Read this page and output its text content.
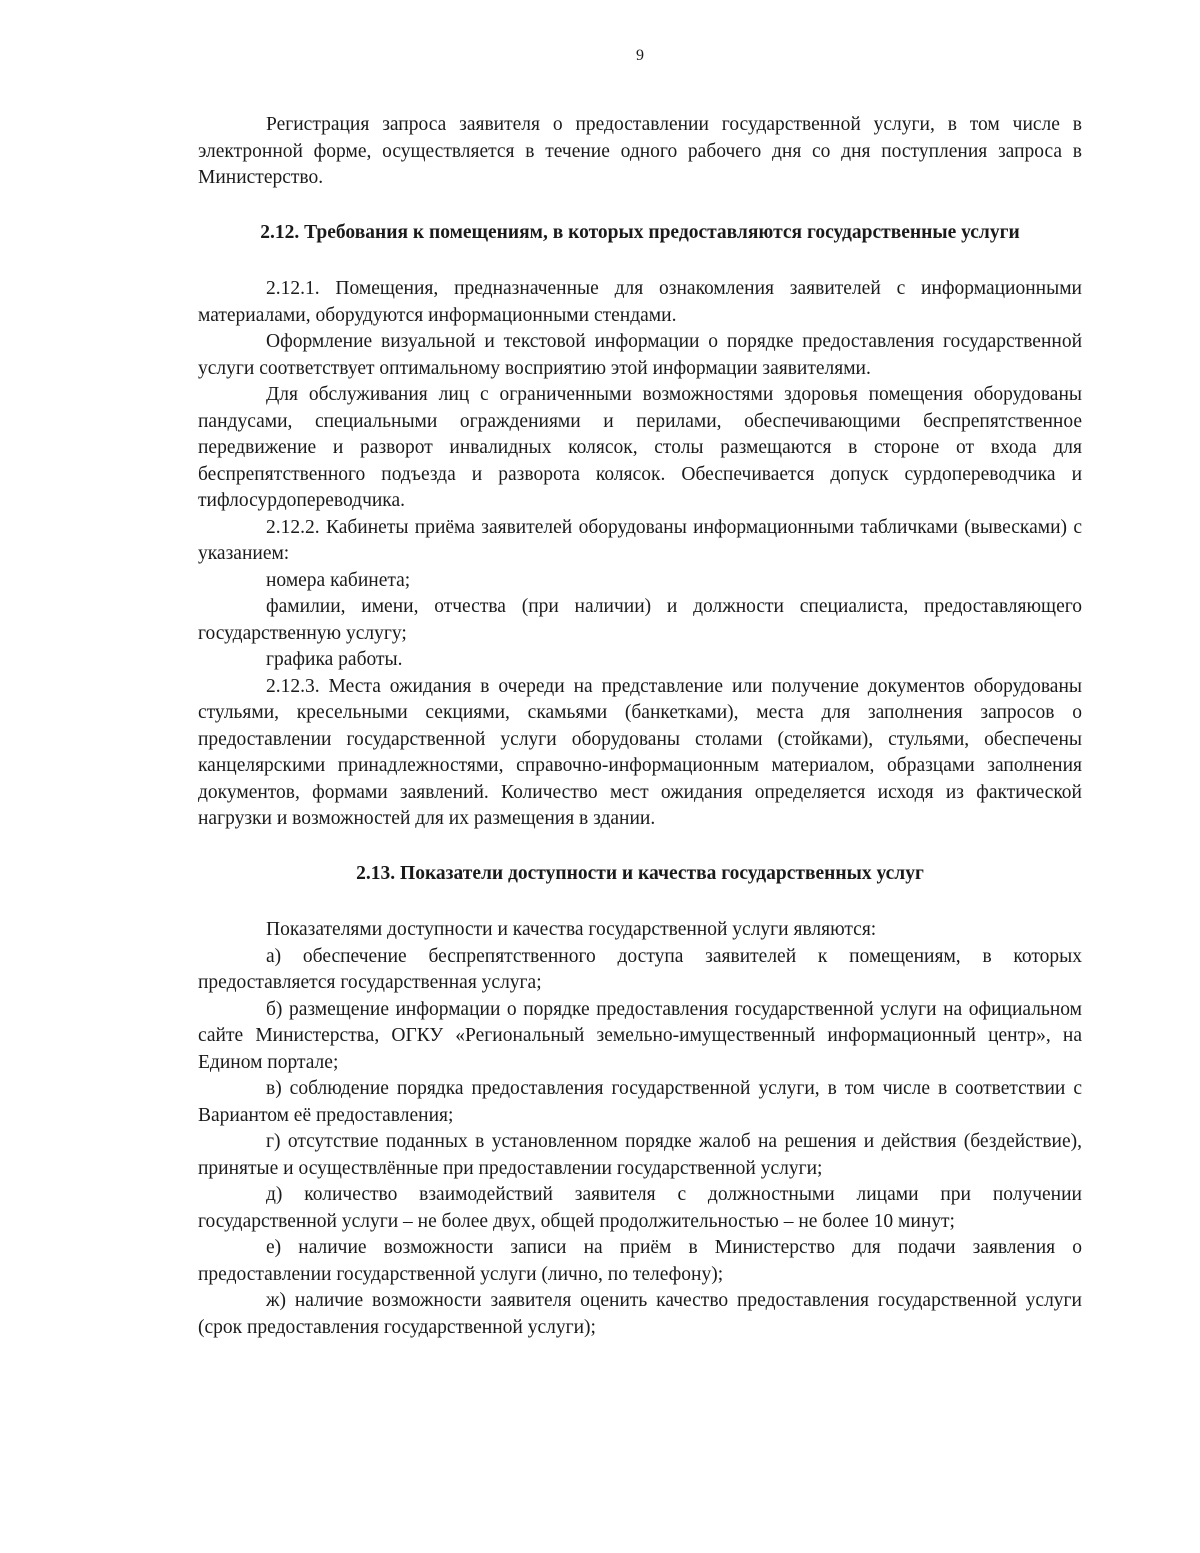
9

Регистрация запроса заявителя о предоставлении государственной услуги, в том числе в электронной форме, осуществляется в течение одного рабочего дня со дня поступления запроса в Министерство.

2.12. Требования к помещениям, в которых предоставляются государственные услуги

2.12.1. Помещения, предназначенные для ознакомления заявителей с информационными материалами, оборудуются информационными стендами.

Оформление визуальной и текстовой информации о порядке предоставления государственной услуги соответствует оптимальному восприятию этой информации заявителями.

Для обслуживания лиц с ограниченными возможностями здоровья помещения оборудованы пандусами, специальными ограждениями и перилами, обеспечивающими беспрепятственное передвижение и разворот инвалидных колясок, столы размещаются в стороне от входа для беспрепятственного подъезда и разворота колясок. Обеспечивается допуск сурдопереводчика и тифлосурдопереводчика.

2.12.2. Кабинеты приёма заявителей оборудованы информационными табличками (вывесками) с указанием:

номера кабинета;

фамилии, имени, отчества (при наличии) и должности специалиста, предоставляющего государственную услугу;

графика работы.

2.12.3. Места ожидания в очереди на представление или получение документов оборудованы стульями, кресельными секциями, скамьями (банкетками), места для заполнения запросов о предоставлении государственной услуги оборудованы столами (стойками), стульями, обеспечены канцелярскими принадлежностями, справочно-информационным материалом, образцами заполнения документов, формами заявлений. Количество мест ожидания определяется исходя из фактической нагрузки и возможностей для их размещения в здании.

2.13. Показатели доступности и качества государственных услуг

Показателями доступности и качества государственной услуги являются:

а) обеспечение беспрепятственного доступа заявителей к помещениям, в которых предоставляется государственная услуга;

б) размещение информации о порядке предоставления государственной услуги на официальном сайте Министерства, ОГКУ «Региональный земельно-имущественный информационный центр», на Едином портале;

в) соблюдение порядка предоставления государственной услуги, в том числе в соответствии с Вариантом её предоставления;

г) отсутствие поданных в установленном порядке жалоб на решения и действия (бездействие), принятые и осуществлённые при предоставлении государственной услуги;

д) количество взаимодействий заявителя с должностными лицами при получении государственной услуги – не более двух, общей продолжительностью – не более 10 минут;

е) наличие возможности записи на приём в Министерство для подачи заявления о предоставлении государственной услуги (лично, по телефону);

ж) наличие возможности заявителя оценить качество предоставления государственной услуги (срок предоставления государственной услуги);
